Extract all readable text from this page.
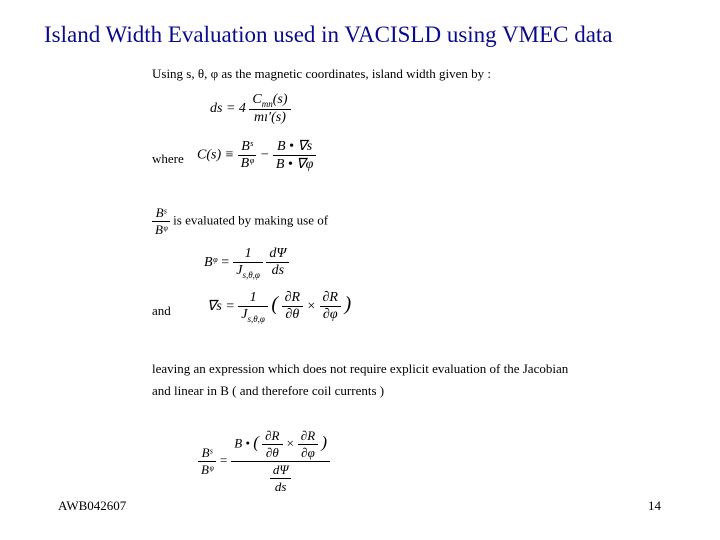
Island Width Evaluation used in VACISLD using VMEC data
Using s, θ, φ as the magnetic coordinates, island width given by :
ds = $4 \frac{C_{mn}(s)}{mı'(s)}$
where $C(s) \equiv \frac{\text{Bˢ}}{\text{Bᵠ}} - \frac{B • \nabla s}{B • \nabla\varphi}$
$\frac{\text{Bˢ}}{\text{Bᵠ}}$ is evaluated by making use of
Bᵠ = $\frac{1}{J_{s,\theta,\varphi}}$
$\frac{d\Psi}{ds}$
and	$\nabla s = \frac{1}{J_{s,\theta,\varphi}}$ ( $\frac{\partial R}{\partial\theta} \times \frac{\partial R}{\partial\varphi}$ )
leaving an expression which does not require explicit evaluation of the Jacobian
and linear in B ( and therefore coil currents )
$\frac{\text{Bˢ}}{\text{Bᵠ}} = \frac{B • ( \frac{\partial R}{\partial\theta} \times \frac{\partial R}{\partial\varphi} )}{\frac{d\Psi}{ds}}$
AWB042607	14
